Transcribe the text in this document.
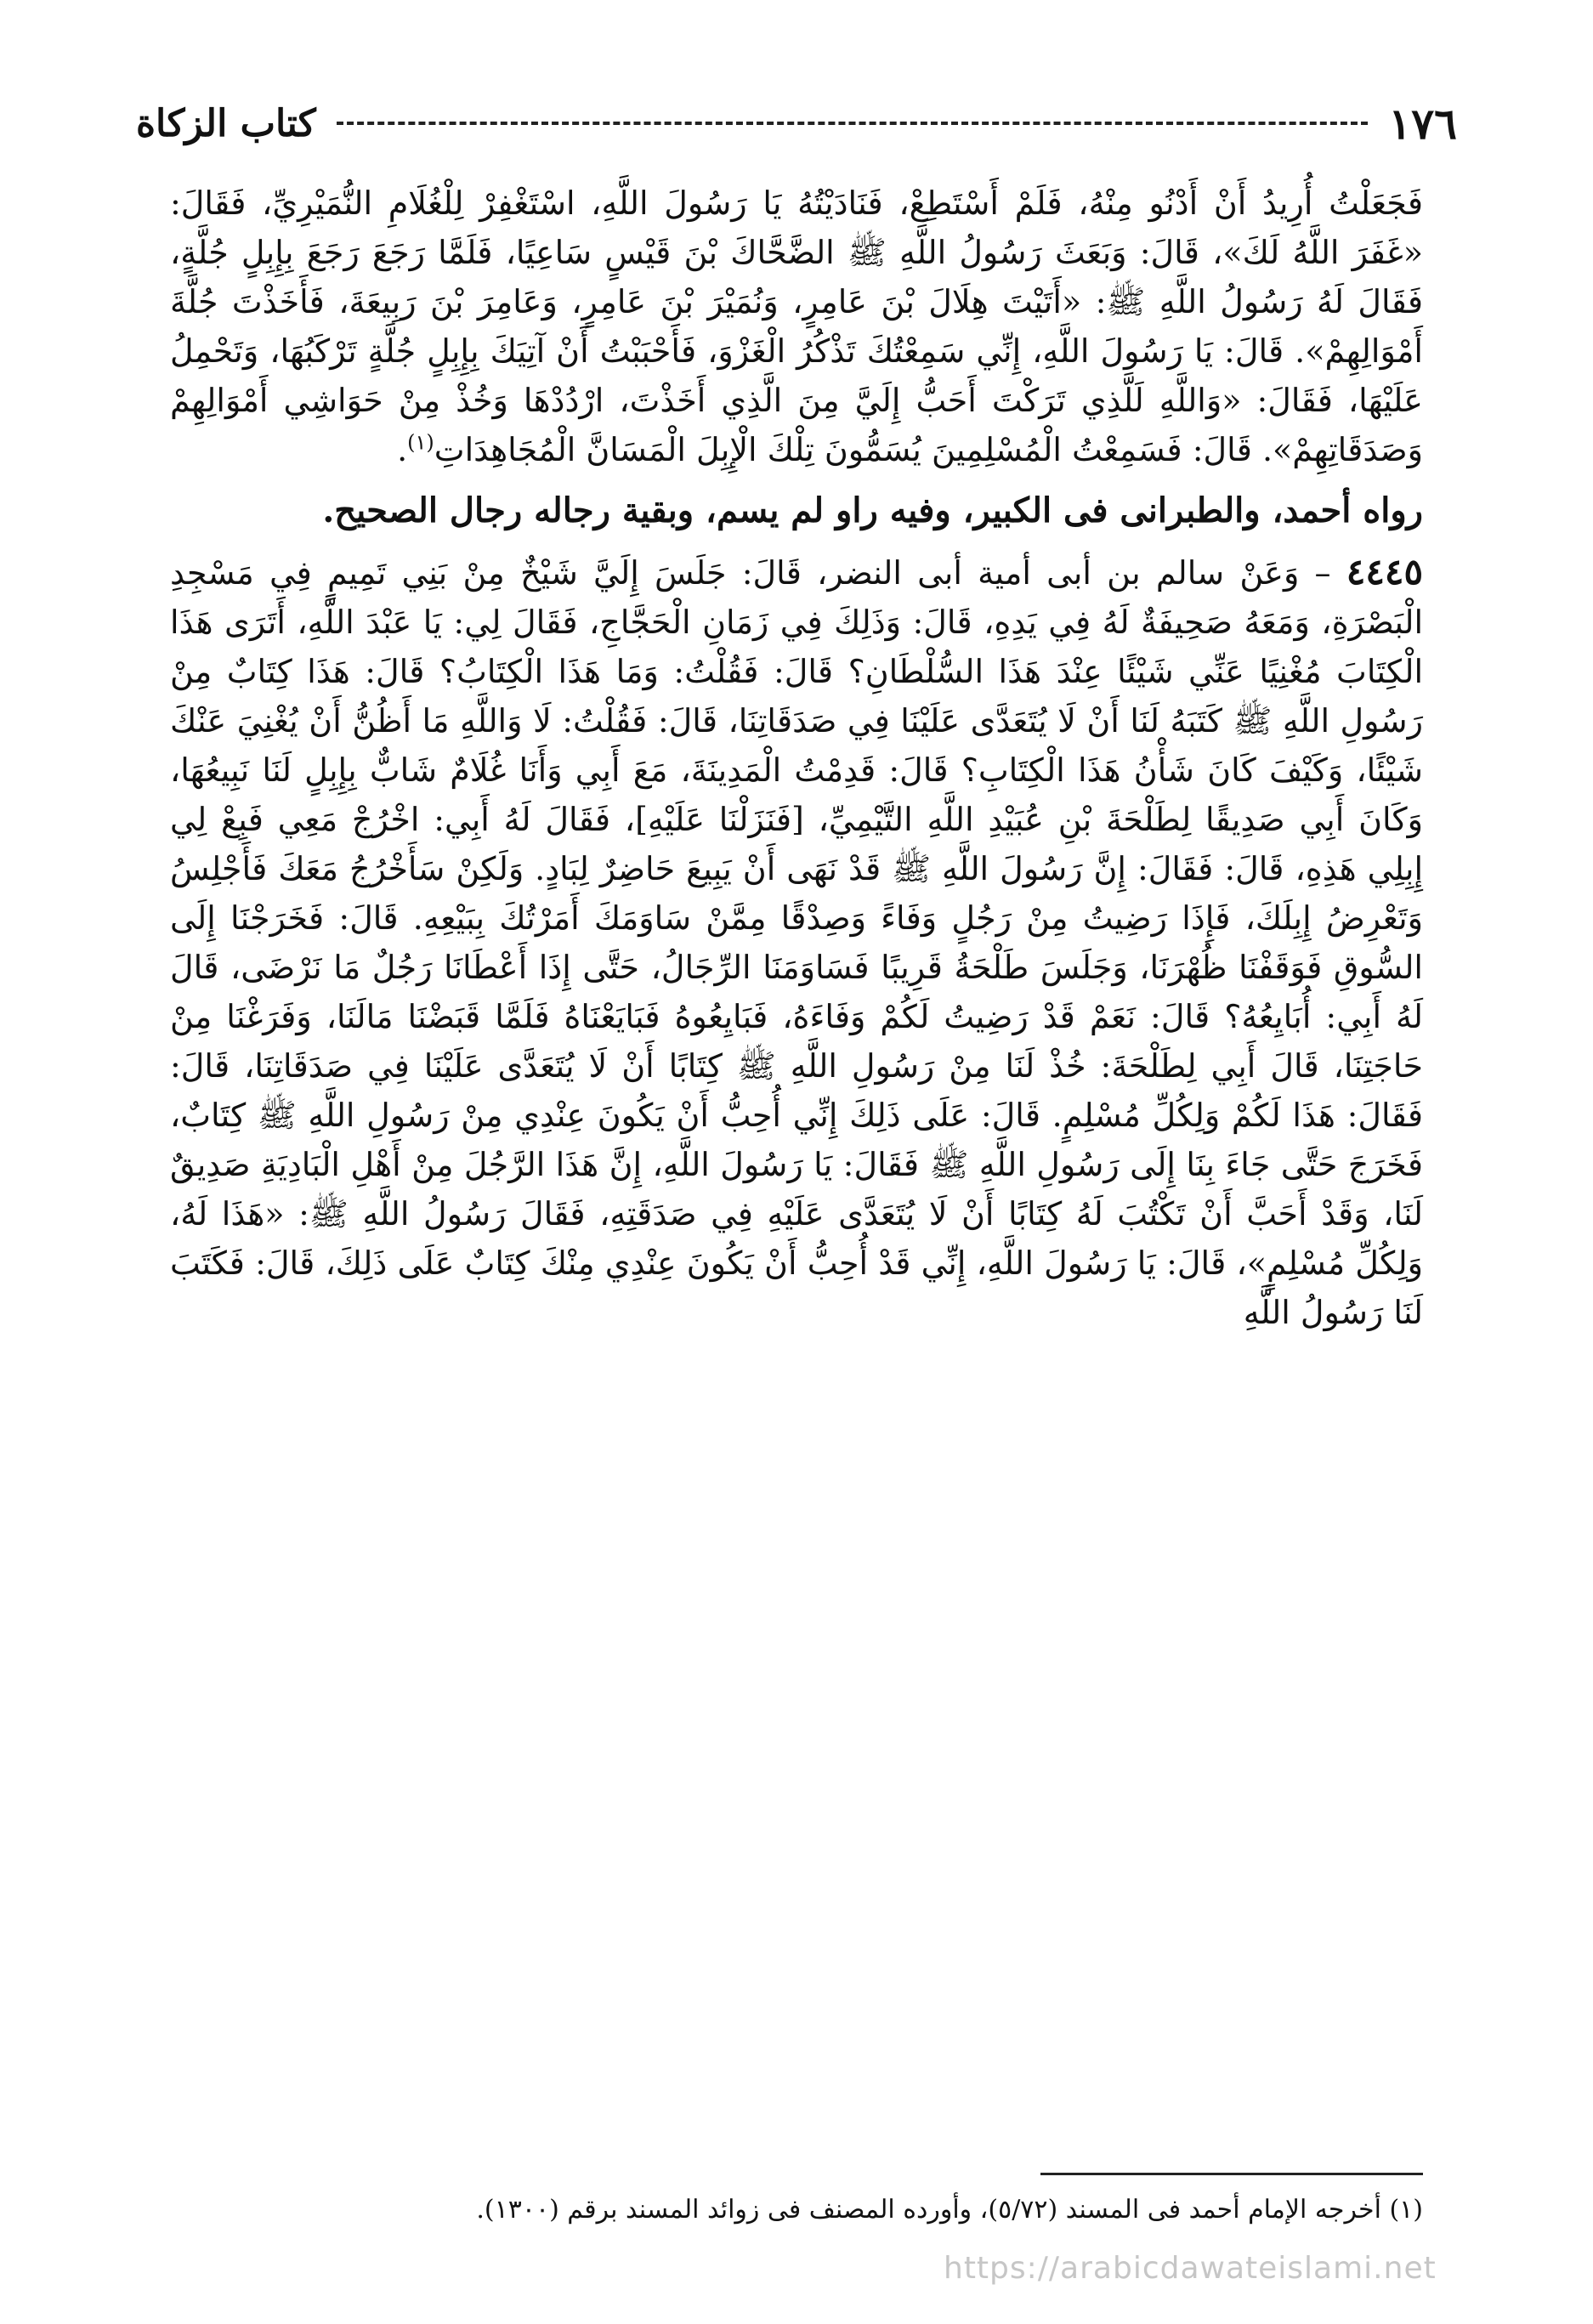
١٧٦
كتاب الزكاة

فَجَعَلْتُ أُرِيدُ أَنْ أَدْنُو مِنْهُ، فَلَمْ أَسْتَطِعْ، فَنَادَيْتُهُ يَا رَسُولَ اللَّهِ، اسْتَغْفِرْ لِلْغُلَامِ النُّمَيْرِيِّ، فَقَالَ: «غَفَرَ اللَّهُ لَكَ»، قَالَ: وَبَعَثَ رَسُولُ اللَّهِ ﷺ الضَّحَّاكَ بْنَ قَيْسٍ سَاعِيًا، فَلَمَّا رَجَعَ رَجَعَ بِإِبِلٍ جُلَّةٍ، فَقَالَ لَهُ رَسُولُ اللَّهِ ﷺ: «أَتَيْتَ هِلَالَ بْنَ عَامِرٍ، وَنُمَيْرَ بْنَ عَامِرٍ، وَعَامِرَ بْنَ رَبِيعَةَ، فَأَخَذْتَ جُلَّةَ أَمْوَالِهِمْ». قَالَ: يَا رَسُولَ اللَّهِ، إِنِّي سَمِعْتُكَ تَذْكُرُ الْغَزْوَ، فَأَحْبَبْتُ أَنْ آتِيَكَ بِإِبِلٍ جُلَّةٍ تَرْكَبُهَا، وَتَحْمِلُ عَلَيْهَا، فَقَالَ: «وَاللَّهِ لَلَّذِي تَرَكْتَ أَحَبُّ إِلَيَّ مِنَ الَّذِي أَخَذْتَ، ارْدُدْهَا وَخُذْ مِنْ حَوَاشِي أَمْوَالِهِمْ وَصَدَقَاتِهِمْ». قَالَ: فَسَمِعْتُ الْمُسْلِمِينَ يُسَمُّونَ تِلْكَ الْإِبِلَ الْمَسَانَّ الْمُجَاهِدَاتِ$^{(١)}$.

رواه أحمد، والطبرانى فى الكبير، وفيه راو لم يسم، وبقية رجاله رجال الصحيح.

٤٤٤٥ – وَعَنْ سالم بن أبى أمية أبى النضر، قَالَ: جَلَسَ إِلَيَّ شَيْخٌ مِنْ بَنِي تَمِيمٍ فِي مَسْجِدِ الْبَصْرَةِ، وَمَعَهُ صَحِيفَةٌ لَهُ فِي يَدِهِ، قَالَ: وَذَلِكَ فِي زَمَانِ الْحَجَّاجِ، فَقَالَ لِي: يَا عَبْدَ اللَّهِ، أَتَرَى هَذَا الْكِتَابَ مُغْنِيًا عَنِّي شَيْئًا عِنْدَ هَذَا السُّلْطَانِ؟ قَالَ: فَقُلْتُ: وَمَا هَذَا الْكِتَابُ؟ قَالَ: هَذَا كِتَابٌ مِنْ رَسُولِ اللَّهِ ﷺ كَتَبَهُ لَنَا أَنْ لَا يُتَعَدَّى عَلَيْنَا فِي صَدَقَاتِنَا، قَالَ: فَقُلْتُ: لَا وَاللَّهِ مَا أَظُنُّ أَنْ يُغْنِيَ عَنْكَ شَيْئًا، وَكَيْفَ كَانَ شَأْنُ هَذَا الْكِتَابِ؟ قَالَ: قَدِمْتُ الْمَدِينَةَ، مَعَ أَبِي وَأَنَا غُلَامٌ شَابٌّ بِإِبِلٍ لَنَا نَبِيعُهَا، وَكَانَ أَبِي صَدِيقًا لِطَلْحَةَ بْنِ عُبَيْدِ اللَّهِ التَّيْمِيِّ، [فَنَزَلْنَا عَلَيْهِ]، فَقَالَ لَهُ أَبِي: اخْرُجْ مَعِي فَبِعْ لِي إِبِلِي هَذِهِ، قَالَ: فَقَالَ: إِنَّ رَسُولَ اللَّهِ ﷺ قَدْ نَهَى أَنْ يَبِيعَ حَاضِرٌ لِبَادٍ. وَلَكِنْ سَأَخْرُجُ مَعَكَ فَأَجْلِسُ وَتَعْرِضُ إِبِلَكَ، فَإِذَا رَضِيتُ مِنْ رَجُلٍ وَفَاءً وَصِدْقًا مِمَّنْ سَاوَمَكَ أَمَرْتُكَ بِبَيْعِهِ. قَالَ: فَخَرَجْنَا إِلَى السُّوقِ فَوَقَفْنَا ظُهْرَنَا، وَجَلَسَ طَلْحَةُ قَرِيبًا فَسَاوَمَنَا الرِّجَالُ، حَتَّى إِذَا أَعْطَانَا رَجُلٌ مَا نَرْضَى، قَالَ لَهُ أَبِي: أُبَايِعُهُ؟ قَالَ: نَعَمْ قَدْ رَضِيتُ لَكُمْ وَفَاءَهُ، فَبَايِعُوهُ فَبَايَعْنَاهُ فَلَمَّا قَبَضْنَا مَالَنَا، وَفَرَغْنَا مِنْ حَاجَتِنَا، قَالَ أَبِي لِطَلْحَةَ: خُذْ لَنَا مِنْ رَسُولِ اللَّهِ ﷺ كِتَابًا أَنْ لَا يُتَعَدَّى عَلَيْنَا فِي صَدَقَاتِنَا، قَالَ: فَقَالَ: هَذَا لَكُمْ وَلِكُلِّ مُسْلِمٍ. قَالَ: عَلَى ذَلِكَ إِنِّي أُحِبُّ أَنْ يَكُونَ عِنْدِي مِنْ رَسُولِ اللَّهِ ﷺ كِتَابٌ، فَخَرَجَ حَتَّى جَاءَ بِنَا إِلَى رَسُولِ اللَّهِ ﷺ فَقَالَ: يَا رَسُولَ اللَّهِ، إِنَّ هَذَا الرَّجُلَ مِنْ أَهْلِ الْبَادِيَةِ صَدِيقٌ لَنَا، وَقَدْ أَحَبَّ أَنْ تَكْتُبَ لَهُ كِتَابًا أَنْ لَا يُتَعَدَّى عَلَيْهِ فِي صَدَقَتِهِ، فَقَالَ رَسُولُ اللَّهِ ﷺ: «هَذَا لَهُ، وَلِكُلِّ مُسْلِمٍ»، قَالَ: يَا رَسُولَ اللَّهِ، إِنِّي قَدْ أُحِبُّ أَنْ يَكُونَ عِنْدِي مِنْكَ كِتَابٌ عَلَى ذَلِكَ، قَالَ: فَكَتَبَ لَنَا رَسُولُ اللَّهِ

(١) أخرجه الإمام أحمد فى المسند (٥/٧٢)، وأورده المصنف فى زوائد المسند برقم (١٣٠٠).
https://arabicdawateislami.net
